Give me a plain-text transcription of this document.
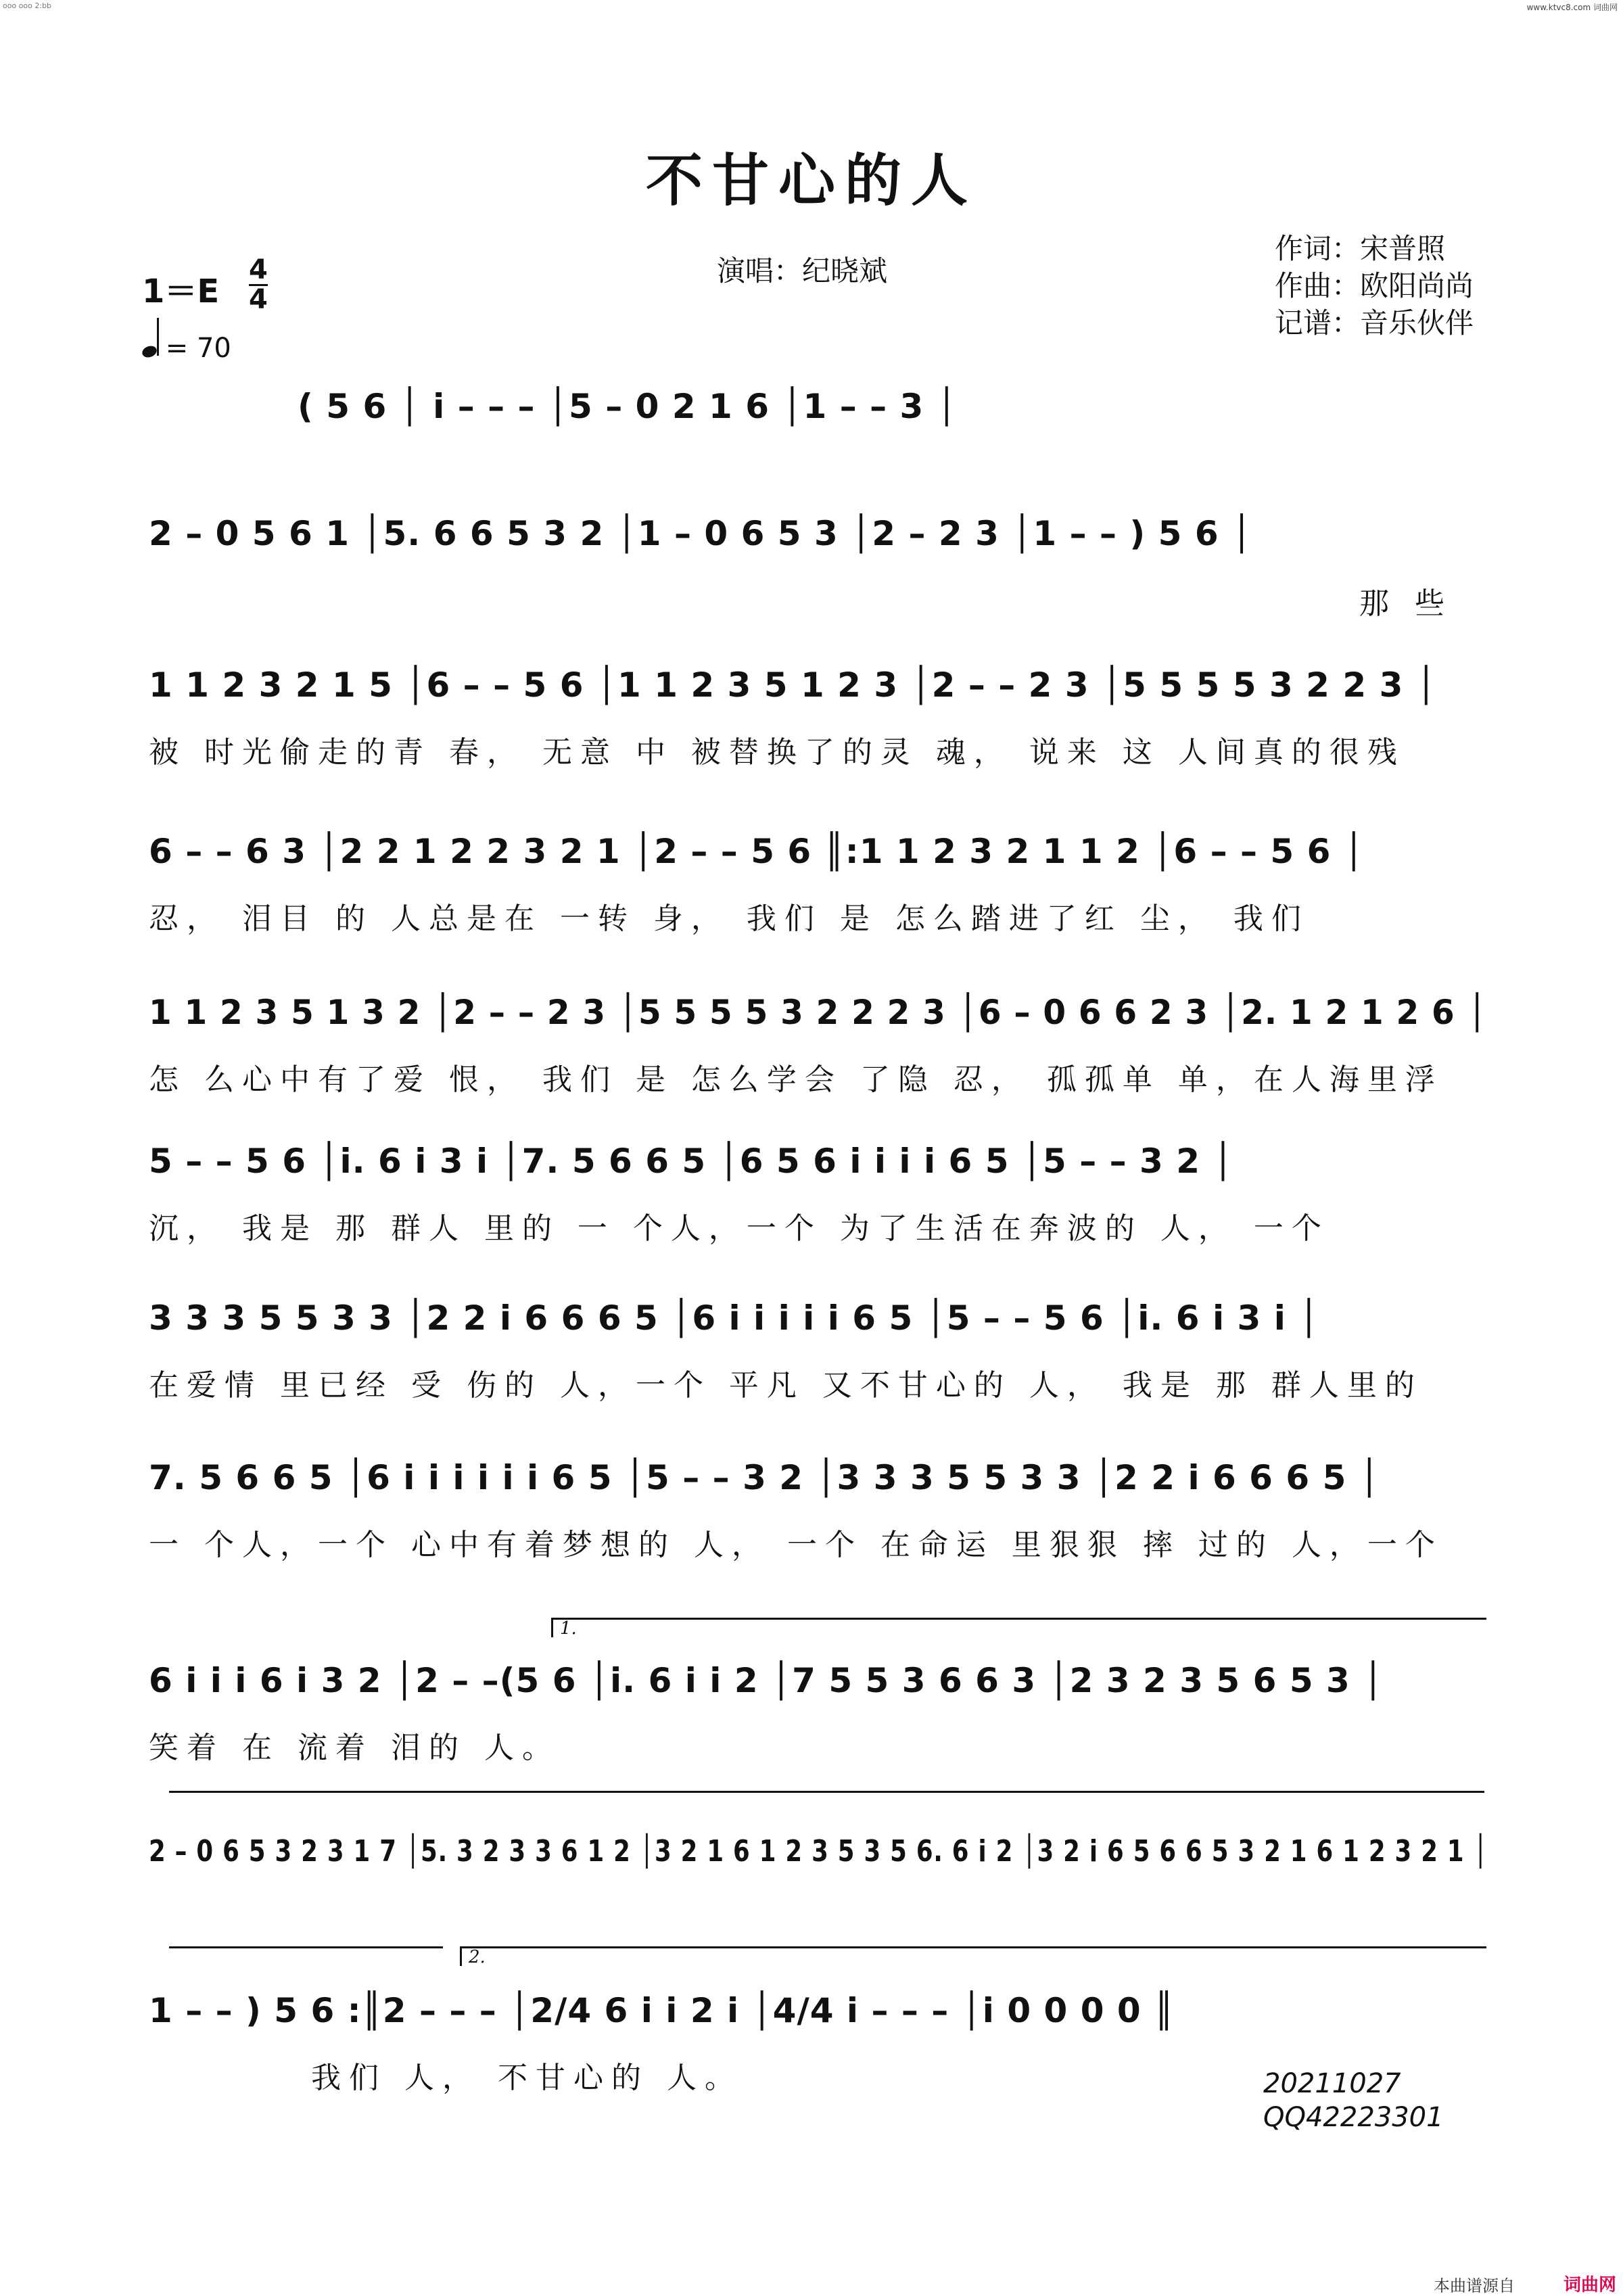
ooo ooo 2:bb	www.ktvc8.com 词曲网
不甘心的人
演唱：纪晓斌
作词：宋普照
作曲：欧阳尚尚
记谱：音乐伙伴
1＝E
4
4
= 70
( 5 6 │ i – – – │5 – 0 2 1 6 │1 – – 3 │
2 – 0 5 6 1 │5. 6 6 5 3 2 │1 – 0 6 5 3 │2 – 2 3 │1 – – ) 5 6 │
那 些
1 1 2 3 2 1 5 │6 – – 5 6 │1 1 2 3 5 1 2 3 │2 – – 2 3 │5 5 5 5 3 2 2 3 │
被 时光偷走的青 春， 无意 中 被替换了的灵 魂， 说来 这 人间真的很残
6 – – 6 3 │2 2 1 2 2 3 2 1 │2 – – 5 6 ║:1 1 2 3 2 1 1 2 │6 – – 5 6 │
忍， 泪目 的 人总是在 一转 身， 我们 是 怎么踏进了红 尘， 我们
1 1 2 3 5 1 3 2 │2 – – 2 3 │5 5 5 5 3 2 2 2 3 │6 – 0 6 6 2 3 │2. 1 2 1 2 6 │
怎 么心中有了爱 恨， 我们 是 怎么学会 了隐 忍， 孤孤单 单，在人海里浮
5 – – 5 6 │i. 6 i 3 i │7. 5 6 6 5 │6 5 6 i i i i 6 5 │5 – – 3 2 │
沉， 我是 那 群人 里的 一 个人，一个 为了生活在奔波的 人， 一个
3 3 3 5 5 3 3 │2 2 i 6 6 6 5 │6 i i i i i 6 5 │5 – – 5 6 │i. 6 i 3 i │
在爱情 里已经 受 伤的 人，一个 平凡 又不甘心的 人， 我是 那 群人里的
7. 5 6 6 5 │6 i i i i i i 6 5 │5 – – 3 2 │3 3 3 5 5 3 3 │2 2 i 6 6 6 5 │
一 个人，一个 心中有着梦想的 人， 一个 在命运 里狠狠 摔 过的 人，一个
1.
6 i i i 6 i 3 2 │2 – –(5 6 │i. 6 i i 2 │7 5 5 3 6 6 3 │2 3 2 3 5 6 5 3 │
笑着 在 流着 泪的 人。
2 – 0 6 5 3 2 3 1 7 │5. 3 2 3 3 6 1 2 │3 2 1 6 1 2 3 5 3 5 6. 6 i 2 │3 2 i 6 5 6 6 5 3 2 1 6 1 2 3 2 1 │
2.
1 – – ) 5 6 :║2 – – – │2/4 6 i i 2 i │4/4 i – – – │i 0 0 0 0 ║
我们 人， 不甘心的 人。	20211027
QQ42223301
本曲谱源自	词曲网
